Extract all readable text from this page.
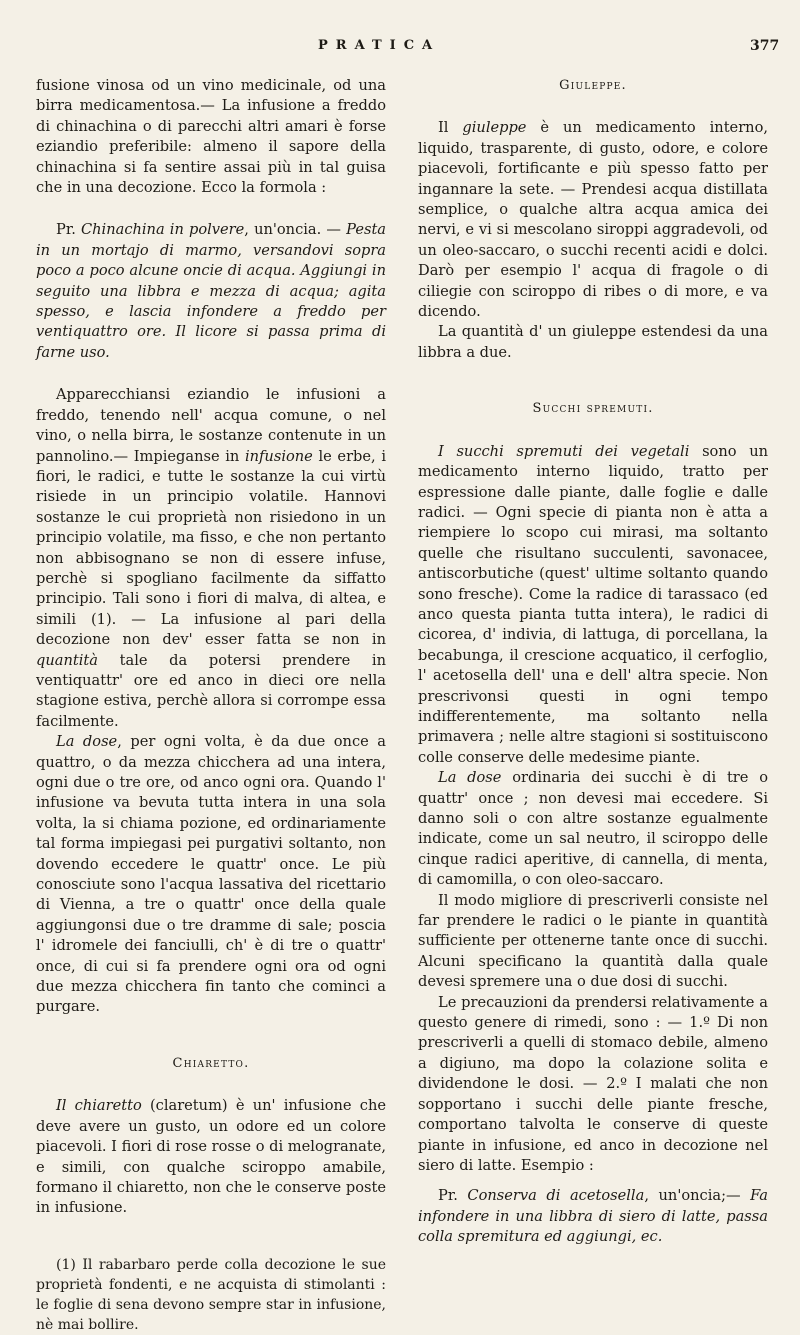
PRATICA	377

fusione vinosa od un vino medicinale, od una birra medicamentosa.— La infusione a freddo di chinachina o di parecchi altri amari è forse eziandio preferibile: almeno il sapore della chinachina si fa sentire assai più in tal guisa che in una decozione. Ecco la formola :

Pr. Chinachina in polvere, un'oncia. — Pesta in un mortajo di marmo, versandovi sopra poco a poco alcune oncie di acqua. Aggiungi in seguito una libbra e mezza di acqua; agita spesso, e lascia infondere a freddo per ventiquattro ore. Il licore si passa prima di farne uso.

Apparecchiansi eziandio le infusioni a freddo, tenendo nell' acqua comune, o nel vino, o nella birra, le sostanze contenute in un pannolino.— Impieganse in infusione le erbe, i fiori, le radici, e tutte le sostanze la cui virtù risiede in un principio volatile. Hannovi sostanze le cui proprietà non risiedono in un principio volatile, ma fisso, e che non pertanto non abbisognano se non di essere infuse, perchè si spogliano facilmente da siffatto principio. Tali sono i fiori di malva, di altea, e simili (1). — La infusione al pari della decozione non dev' esser fatta se non in quantità tale da potersi prendere in ventiquattr' ore ed anco in dieci ore nella stagione estiva, perchè allora si corrompe essa facilmente.

La dose, per ogni volta, è da due once a quattro, o da mezza chicchera ad una intera, ogni due o tre ore, od anco ogni ora. Quando l' infusione va bevuta tutta intera in una sola volta, la si chiama pozione, ed ordinariamente tal forma impiegasi pei purgativi soltanto, non dovendo eccedere le quattr' once. Le più conosciute sono l'acqua lassativa del ricettario di Vienna, a tre o quattr' once della quale aggiungonsi due o tre dramme di sale; poscia l' idromele dei fanciulli, ch' è di tre o quattr' once, di cui si fa prendere ogni ora od ogni due mezza chicchera fin tanto che cominci a purgare.

Chiaretto.

Il chiaretto (claretum) è un' infusione che deve avere un gusto, un odore ed un colore piacevoli. I fiori di rose rosse o di melogranate, e simili, con qualche sciroppo amabile, formano il chiaretto, non che le conserve poste in infusione.

(1) Il rabarbaro perde colla decozione le sue proprietà fondenti, e ne acquista di stimolanti : le foglie di sena devono sempre star in infusione, nè mai bollire.

Giuleppe.

Il giuleppe è un medicamento interno, liquido, trasparente, di gusto, odore, e colore piacevoli, fortificante e più spesso fatto per ingannare la sete. — Prendesi acqua distillata semplice, o qualche altra acqua amica dei nervi, e vi si mescolano siroppi aggradevoli, od un oleo-saccaro, o succhi recenti acidi e dolci. Darò per esempio l' acqua di fragole o di ciliegie con sciroppo di ribes o di more, e va dicendo.

La quantità d' un giuleppe estendesi da una libbra a due.

Succhi spremuti.

I succhi spremuti dei vegetali sono un medicamento interno liquido, tratto per espressione dalle piante, dalle foglie e dalle radici. — Ogni specie di pianta non è atta a riempiere lo scopo cui mirasi, ma soltanto quelle che risultano succulenti, savonacee, antiscorbutiche (quest' ultime soltanto quando sono fresche). Come la radice di tarassaco (ed anco questa pianta tutta intera), le radici di cicorea, d' indivia, di lattuga, di porcellana, la becabunga, il crescione acquatico, il cerfoglio, l' acetosella dell' una e dell' altra specie. Non prescrivonsi questi in ogni tempo indifferentemente, ma soltanto nella primavera ; nelle altre stagioni si sostituiscono colle conserve delle medesime piante.

La dose ordinaria dei succhi è di tre o quattr' once ; non devesi mai eccedere. Si danno soli o con altre sostanze egualmente indicate, come un sal neutro, il sciroppo delle cinque radici aperitive, di cannella, di menta, di camomilla, o con oleo-saccaro.

Il modo migliore di prescriverli consiste nel far prendere le radici o le piante in quantità sufficiente per ottenerne tante once di succhi. Alcuni specificano la quantità dalla quale devesi spremere una o due dosi di succhi.

Le precauzioni da prendersi relativamente a questo genere di rimedi, sono : — 1.º Di non prescriverli a quelli di stomaco debile, almeno a digiuno, ma dopo la colazione solita e dividendone le dosi. — 2.º I malati che non sopportano i succhi delle piante fresche, comportano talvolta le conserve di queste piante in infusione, ed anco in decozione nel siero di latte. Esempio :

Pr. Conserva di acetosella, un'oncia;— Fa infondere in una libbra di siero di latte, passa colla spremitura ed aggiungi, ec.
